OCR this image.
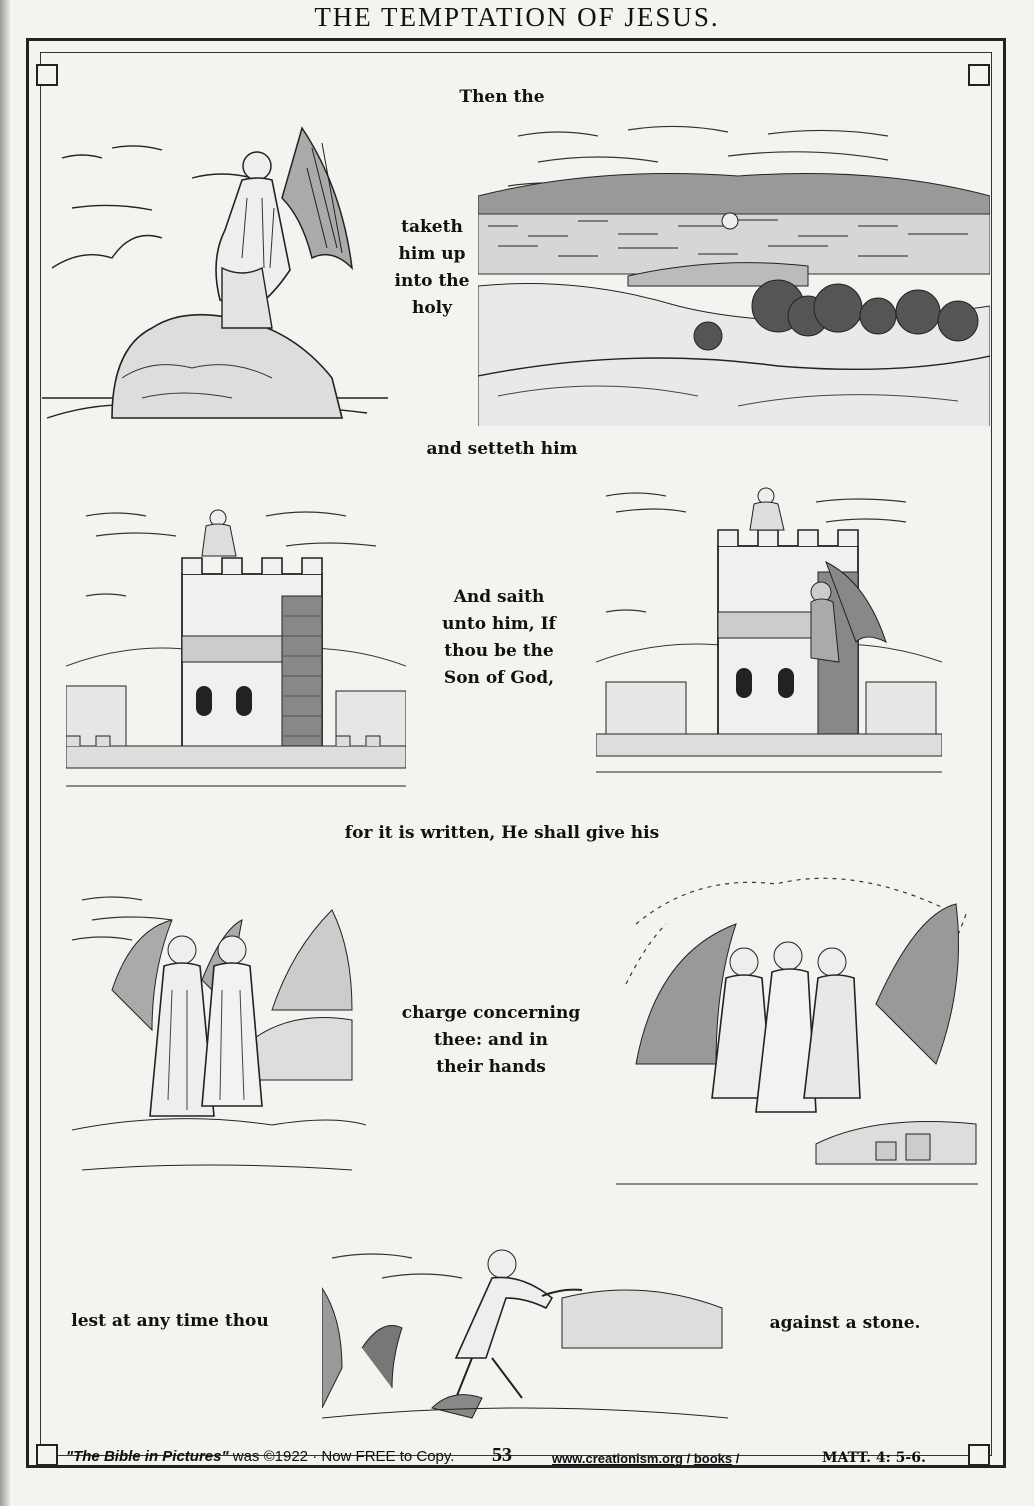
THE TEMPTATION OF JESUS.
Then the
taketh
him up
into the
holy
and setteth him
And saith
unto him, If
thou be the
Son of God,
for it is written, He shall give his
charge concerning
thee: and in
their hands
lest at any time thou	against a stone.
"The Bible in Pictures" was ©1922 · Now FREE to Copy. 53	www.creationism.org / books /	MATT. 4: 5-6.
